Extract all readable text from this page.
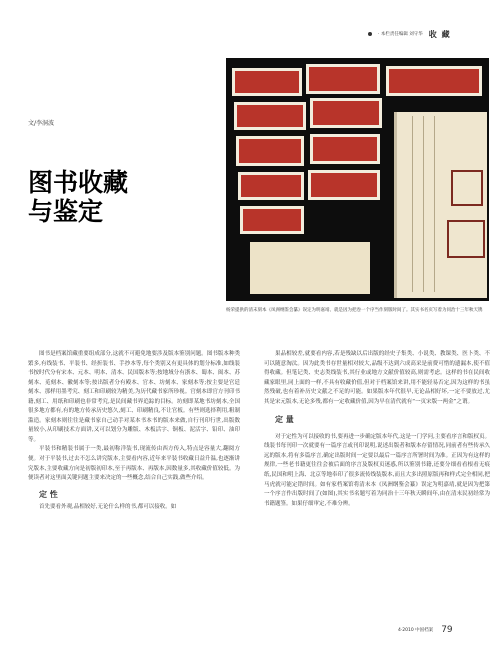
· 本栏责任编辑 刘守华 收 藏
文/李洞波
图书收藏
与鉴定
杨荣提供的清末刻本《凤洲纲鉴会纂》误定为明嘉靖、就是因为把卷一个序当作刻版时间了。其实书名页写着为同治十三年秋天镌

图书是档案馆藏重要组成部分,这就不可避免地要涉及版本鉴别问题。图书版本种类繁多,有线装书、平装书、经折装书、手抄本等,每个类别又有更具体的划分标准,如线装书按时代分有宋本、元本、明本、清本、民国版本等;按地域分有浙本、蜀本、闽本、苏刻本、觅刻本、徽刻本等;按出版者分有殿本、官本、坊刻本、家刻本等;按主要是官廷刻本、那样用墨考究、刻工和印刷较为精美,为历代藏书家所珍视。官刻本即官方刊印书籍,刻工、用纸和印刷也非常考究,是民间藏书界追踪的目标。坊刻即某地书坊刻本,全国很多地方都有,有的地方传承历史悠久,刻工、印刷精良,不让官板。有些则选择利用,粗制滥造。家刻本则往往是藏书家自己动手对某本书本书的版本来做,自行刊印行世,出版数量较小,从印刷技术方面讲,又可以划分为雕版、木板活字、铜板、泥活字、铅印、油印等。

平装书和精装书属于一类,最初称洋装书,现流传由西方传入,特点是容量大,翻阅方便。对于平装书,过去不怎么讲究版本,主要看内容,近年来平装书收藏日益升温,也逐渐讲究版本,主要收藏方向是初版初印本,至于再版本、再版本,因数量多,其收藏价值较低。为便读者对这里面关键问题主要来决定的一些概念,结合自己实践,做些介绍。

定 性

首先要看外观,品相较好,无论什么样的书,都可以接收。如

果品相较差,就要看内容,若是残缺以后出版的经史子集类、小说类、教课类、医卜类、不可以随意淘汰。因为此类书存世量相对较大,品级不达到六成高采是前费可惜的遗漏本,使不值得收藏。但笔记类、史志类线装书,其行业或地方文献价值较高,则需考虑。这样的书在民间收藏家眼里,同上面的一样,不具有收藏价值,但对于档案馆来讲,用不能轻易否定,因为这样的书虽然残破,也有着补历史文献之不足的可能。如果版本年代很早,无论品相好坏,一定不要放过,尤其是宋元版本,无论多残,都有一定收藏价值,因为早在清代就有“一页宋版一两金”之谓。

定 量

对于定性为可以接收的书,要再进一步确定版本年代,这是一门学问,主要看序言和版权页。线装书每刊印一次就要有一篇序言或刊印说明,说述出版者和版本存留情况,同前者有些传承久远的版本,将有多篇序言,确定出版时间一定要以最后一篇序言所署时间为准。正因为有这样的规律,一些老书籍更往往会被后面的序言及版权页迷惑,所以鉴别书籍,还要分细看看根看无痕纸,民国和明上海、北京等地奉印了很多流传线装版本,而且大多出照原版再和样式完全相同,把马虎就可能定错时间。如有家档案馆将清末本《凤洲纲鉴会纂》误定为明嘉靖,就是因为把第一个序言作出版时间了(如图),其实书名题写着为同治十三年秋天瞬间年,由在清末民初经常为书籍题签。如果仔细审定,不难分辨。

4·2010 中国档案 79
